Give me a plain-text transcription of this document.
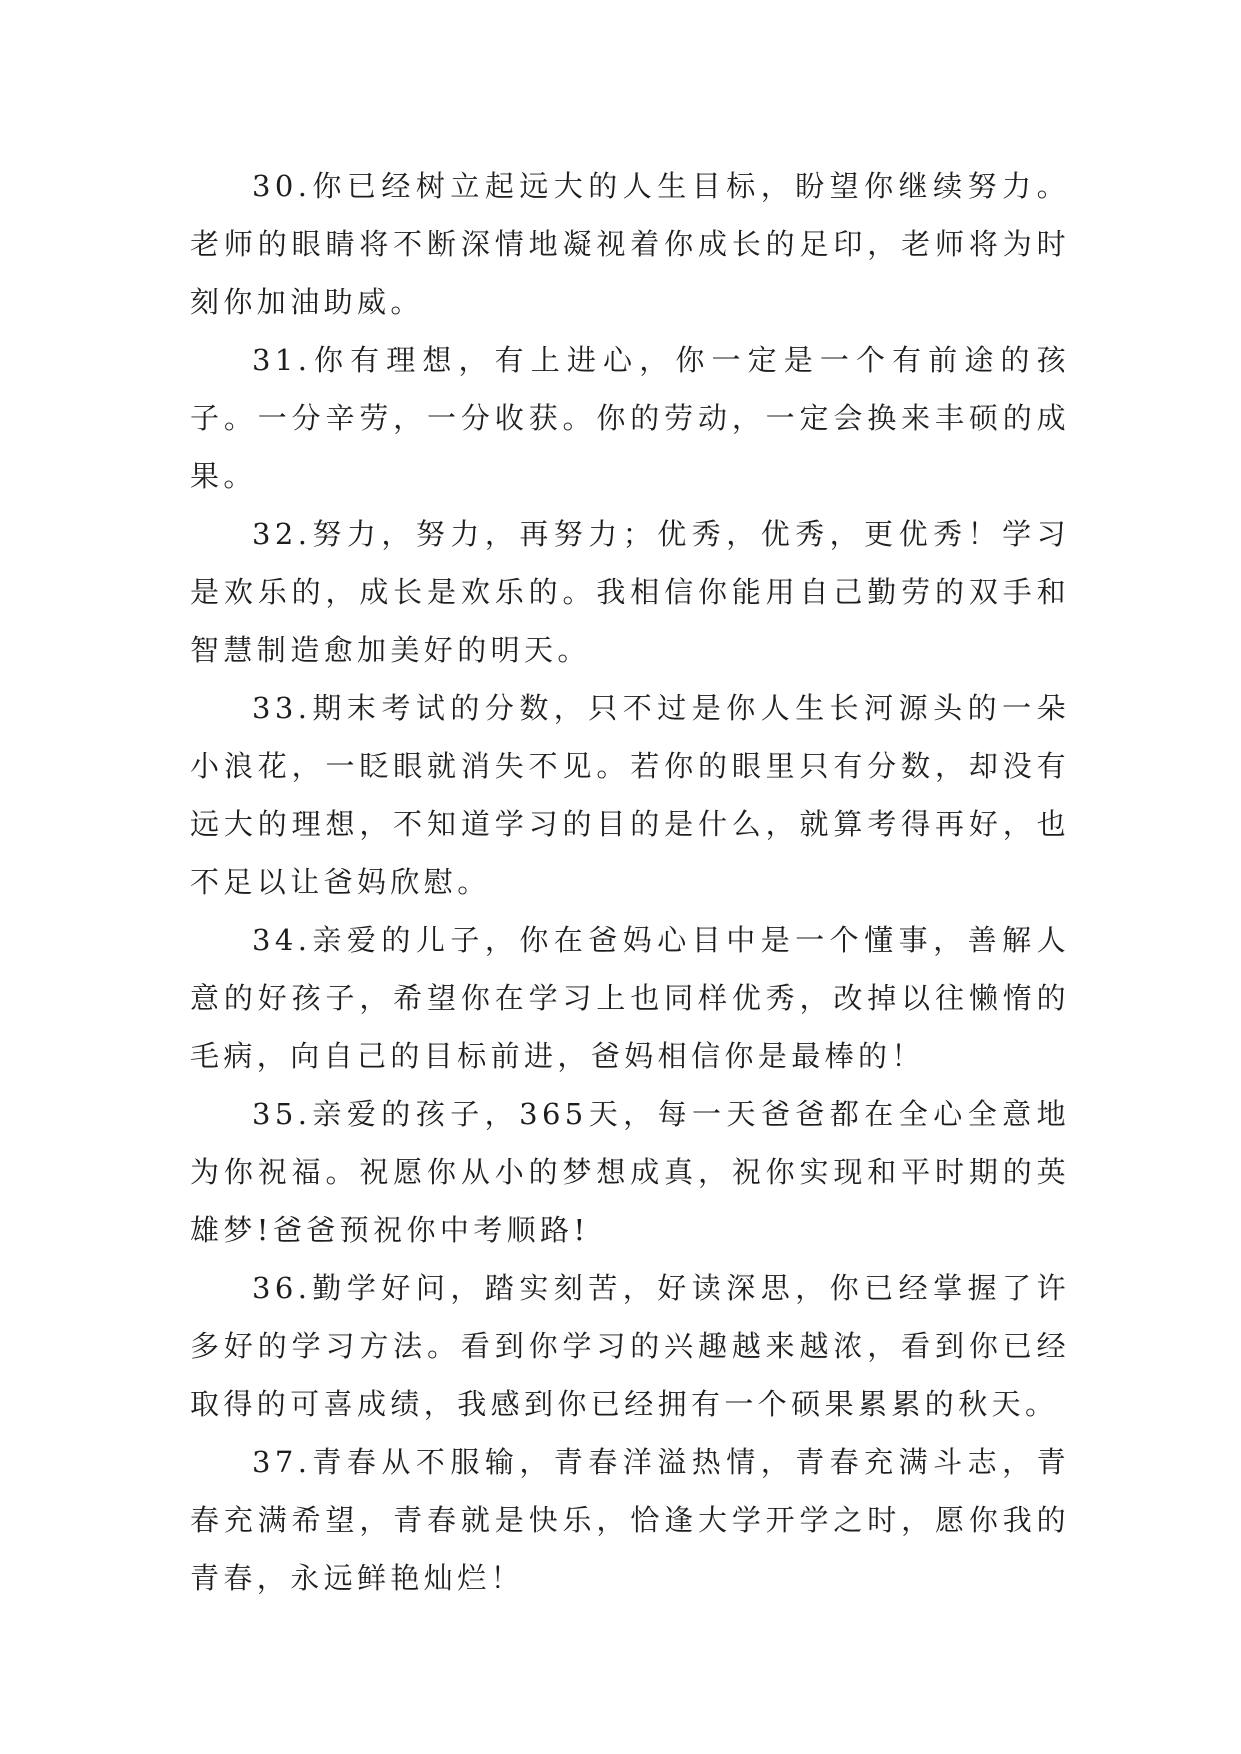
30.你已经树立起远大的人生目标，盼望你继续努力。老师的眼睛将不断深情地凝视着你成长的足印，老师将为时刻你加油助威。

31.你有理想，有上进心，你一定是一个有前途的孩子。一分辛劳，一分收获。你的劳动，一定会换来丰硕的成果。

32.努力，努力，再努力；优秀，优秀，更优秀！学习是欢乐的，成长是欢乐的。我相信你能用自己勤劳的双手和智慧制造愈加美好的明天。

33.期末考试的分数，只不过是你人生长河源头的一朵小浪花，一眨眼就消失不见。若你的眼里只有分数，却没有远大的理想，不知道学习的目的是什么，就算考得再好，也不足以让爸妈欣慰。

34.亲爱的儿子，你在爸妈心目中是一个懂事，善解人意的好孩子，希望你在学习上也同样优秀，改掉以往懒惰的毛病，向自己的目标前进，爸妈相信你是最棒的！

35.亲爱的孩子，365天，每一天爸爸都在全心全意地为你祝福。祝愿你从小的梦想成真，祝你实现和平时期的英雄梦!爸爸预祝你中考顺路!

36.勤学好问，踏实刻苦，好读深思，你已经掌握了许多好的学习方法。看到你学习的兴趣越来越浓，看到你已经取得的可喜成绩，我感到你已经拥有一个硕果累累的秋天。

37.青春从不服输，青春洋溢热情，青春充满斗志，青春充满希望，青春就是快乐，恰逢大学开学之时，愿你我的青春，永远鲜艳灿烂！
